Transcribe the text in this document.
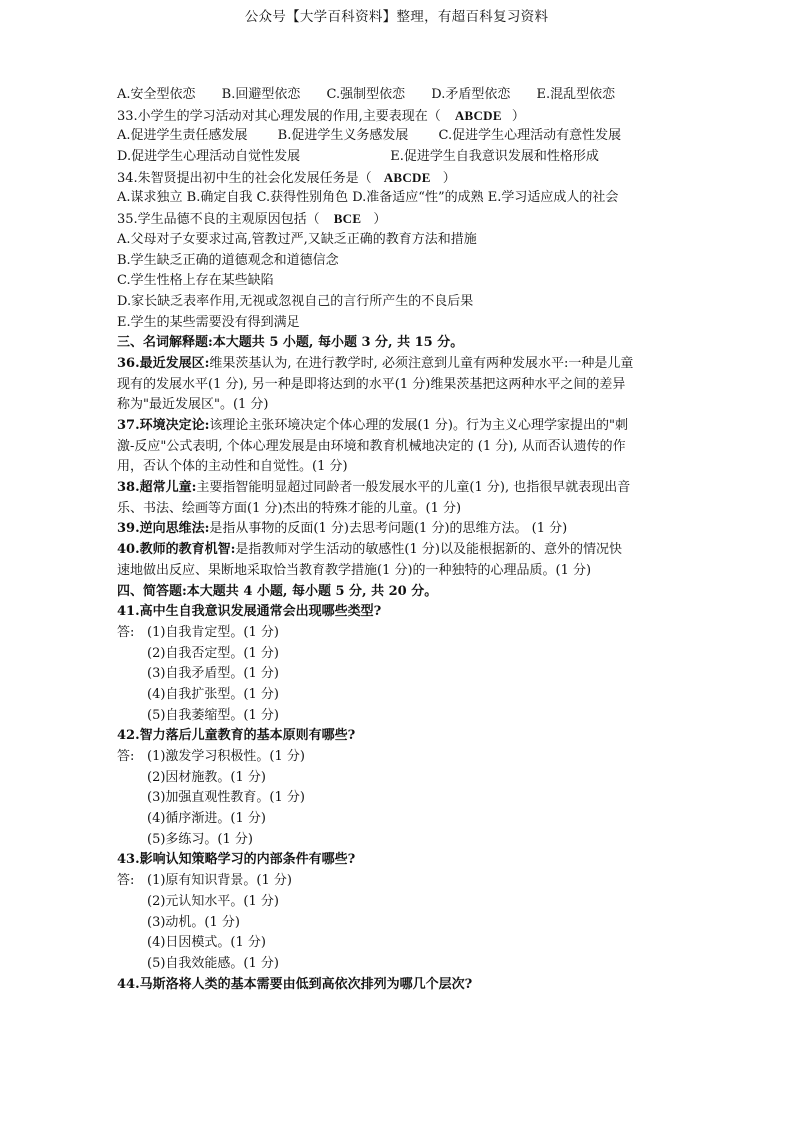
公众号【大学百科资料】整理，有超百科复习资料
A.安全型依恋 B.回避型依恋 C.强制型依恋 D.矛盾型依恋 E.混乱型依恋
33.小学生的学习活动对其心理发展的作用,主要表现在（ ABCDE ）
A.促进学生责任感发展 B.促进学生义务感发展 C.促进学生心理活动有意性发展
D.促进学生心理活动自觉性发展	E.促进学生自我意识发展和性格形成
34.朱智贤提出初中生的社会化发展任务是（ ABCDE ）
A.谋求独立 B.确定自我 C.获得性别角色 D.准备适应“性”的成熟 E.学习适应成人的社会
35.学生品德不良的主观原因包括（ BCE ）
A.父母对子女要求过高,管教过严,又缺乏正确的教育方法和措施
B.学生缺乏正确的道德观念和道德信念
C.学生性格上存在某些缺陷
D.家长缺乏表率作用,无视或忽视自己的言行所产生的不良后果
E.学生的某些需要没有得到满足
三、名词解释题:本大题共 5 小题, 每小题 3 分, 共 15 分。
36.最近发展区:维果茨基认为, 在进行教学时, 必须注意到儿童有两种发展水平:一种是儿童
现有的发展水平(1 分), 另一种是即将达到的水平(1 分)维果茨基把这两种水平之间的差异
称为"最近发展区"。(1 分)
37.环境决定论:该理论主张环境决定个体心理的发展(1 分)。行为主义心理学家提出的"刺
激-反应"公式表明, 个体心理发展是由环境和教育机械地决定的 (1 分), 从而否认遗传的作
用，否认个体的主动性和自觉性。(1 分)
38.超常儿童:主要指智能明显超过同龄者一般发展水平的儿童(1 分), 也指很早就表现出音
乐、书法、绘画等方面(1 分)杰出的特殊才能的儿童。(1 分)
39.逆向思维法:是指从事物的反面(1 分)去思考问题(1 分)的思维方法。 (1 分)
40.教师的教育机智:是指教师对学生活动的敏感性(1 分)以及能根据新的、意外的情况快
速地做出反应、果断地采取恰当教育教学措施(1 分)的一种独特的心理品质。(1 分)
四、简答题:本大题共 4 小题, 每小题 5 分, 共 20 分。
41.高中生自我意识发展通常会出现哪些类型?
答: (1)自我肯定型。(1 分)
(2)自我否定型。(1 分)
(3)自我矛盾型。(1 分)
(4)自我扩张型。(1 分)
(5)自我萎缩型。(1 分)
42.智力落后儿童教育的基本原则有哪些?
答: (1)激发学习积极性。(1 分)
(2)因材施教。(1 分)
(3)加强直观性教育。(1 分)
(4)循序渐进。(1 分)
(5)多练习。(1 分)
43.影响认知策略学习的内部条件有哪些?
答: (1)原有知识背景。(1 分)
(2)元认知水平。(1 分)
(3)动机。(1 分)
(4)日因模式。(1 分)
(5)自我效能感。(1 分)
44.马斯洛将人类的基本需要由低到高依次排列为哪几个层次?
